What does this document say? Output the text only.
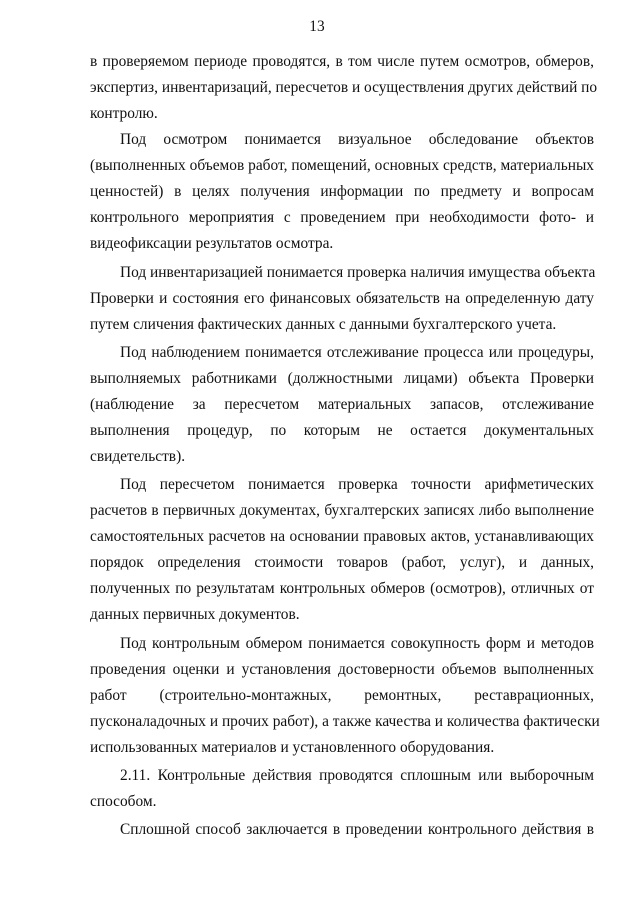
13
в проверяемом периоде проводятся, в том числе путем осмотров, обмеров,
экспертиз, инвентаризаций, пересчетов и осуществления других действий по
контролю.
Под осмотром понимается визуальное обследование объектов
(выполненных объемов работ, помещений, основных средств, материальных
ценностей) в целях получения информации по предмету и вопросам
контрольного мероприятия с проведением при необходимости фото- и
видеофиксации результатов осмотра.
Под инвентаризацией понимается проверка наличия имущества объекта
Проверки и состояния его финансовых обязательств на определенную дату
путем сличения фактических данных с данными бухгалтерского учета.
Под наблюдением понимается отслеживание процесса или процедуры,
выполняемых работниками (должностными лицами) объекта Проверки
(наблюдение за пересчетом материальных запасов, отслеживание
выполнения процедур, по которым не остается документальных
свидетельств).
Под пересчетом понимается проверка точности арифметических
расчетов в первичных документах, бухгалтерских записях либо выполнение
самостоятельных расчетов на основании правовых актов, устанавливающих
порядок определения стоимости товаров (работ, услуг), и данных,
полученных по результатам контрольных обмеров (осмотров), отличных от
данных первичных документов.
Под контрольным обмером понимается совокупность форм и методов
проведения оценки и установления достоверности объемов выполненных
работ (строительно-монтажных, ремонтных, реставрационных,
пусконаладочных и прочих работ), а также качества и количества фактически
использованных материалов и установленного оборудования.
2.11. Контрольные действия проводятся сплошным или выборочным
способом.
Сплошной способ заключается в проведении контрольного действия в
